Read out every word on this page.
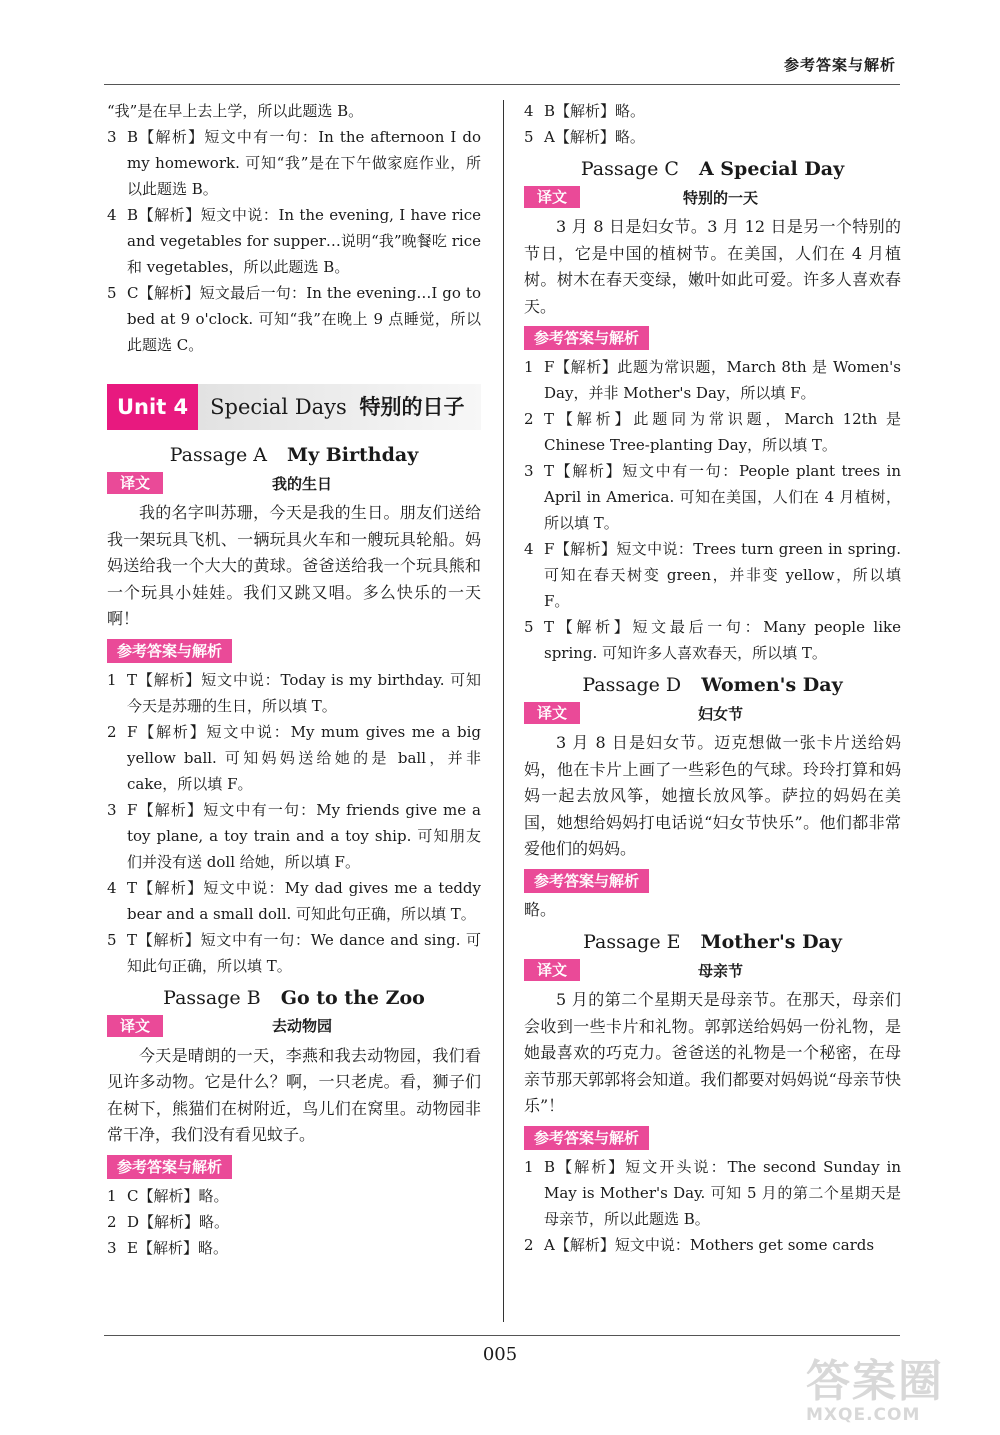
参考答案与解析
“我”是在早上去上学，所以此题选 B。
3 B【解析】短文中有一句：In the afternoon I do my homework. 可知“我”是在下午做家庭作业，所以此题选 B。
4 B【解析】短文中说：In the evening, I have rice and vegetables for supper…说明“我”晚餐吃 rice 和 vegetables，所以此题选 B。
5 C【解析】短文最后一句：In the evening…I go to bed at 9 o'clock. 可知“我”在晚上 9 点睡觉，所以此题选 C。
Unit 4	Special Days 特别的日子
Passage A My Birthday
译文	我的生日
我的名字叫苏珊，今天是我的生日。朋友们送给我一架玩具飞机、一辆玩具火车和一艘玩具轮船。妈妈送给我一个大大的黄球。爸爸送给我一个玩具熊和一个玩具小娃娃。我们又跳又唱。多么快乐的一天啊！
参考答案与解析
1 T【解析】短文中说：Today is my birthday. 可知今天是苏珊的生日，所以填 T。
2 F【解析】短文中说：My mum gives me a big yellow ball. 可知妈妈送给她的是 ball，并非 cake，所以填 F。
3 F【解析】短文中有一句：My friends give me a toy plane, a toy train and a toy ship. 可知朋友们并没有送 doll 给她，所以填 F。
4 T【解析】短文中说：My dad gives me a teddy bear and a small doll. 可知此句正确，所以填 T。
5 T【解析】短文中有一句：We dance and sing. 可知此句正确，所以填 T。
Passage B Go to the Zoo
译文	去动物园
今天是晴朗的一天，李燕和我去动物园，我们看见许多动物。它是什么？啊，一只老虎。看，狮子们在树下，熊猫们在树附近，鸟儿们在窝里。动物园非常干净，我们没有看见蚊子。
参考答案与解析
1 C【解析】略。
2 D【解析】略。
3 E【解析】略。
4 B【解析】略。
5 A【解析】略。
Passage C A Special Day
译文	特别的一天
3 月 8 日是妇女节。3 月 12 日是另一个特别的节日，它是中国的植树节。在美国，人们在 4 月植树。树木在春天变绿，嫩叶如此可爱。许多人喜欢春天。
参考答案与解析
1 F【解析】此题为常识题，March 8th 是 Women's Day，并非 Mother's Day，所以填 F。
2 T【解析】此题同为常识题，March 12th 是 Chinese Tree-planting Day，所以填 T。
3 T【解析】短文中有一句：People plant trees in April in America. 可知在美国，人们在 4 月植树，所以填 T。
4 F【解析】短文中说：Trees turn green in spring. 可知在春天树变 green，并非变 yellow，所以填 F。
5 T【解析】短文最后一句：Many people like spring. 可知许多人喜欢春天，所以填 T。
Passage D Women's Day
译文	妇女节
3 月 8 日是妇女节。迈克想做一张卡片送给妈妈，他在卡片上画了一些彩色的气球。玲玲打算和妈妈一起去放风筝，她擅长放风筝。萨拉的妈妈在美国，她想给妈妈打电话说“妇女节快乐”。他们都非常爱他们的妈妈。
参考答案与解析
略。
Passage E Mother's Day
译文	母亲节
5 月的第二个星期天是母亲节。在那天，母亲们会收到一些卡片和礼物。郭郭送给妈妈一份礼物，是她最喜欢的巧克力。爸爸送的礼物是一个秘密，在母亲节那天郭郭将会知道。我们都要对妈妈说“母亲节快乐”！
参考答案与解析
1 B【解析】短文开头说：The second Sunday in May is Mother's Day. 可知 5 月的第二个星期天是母亲节，所以此题选 B。
2 A【解析】短文中说：Mothers get some cards
005
答案圈
MXQE.COM
